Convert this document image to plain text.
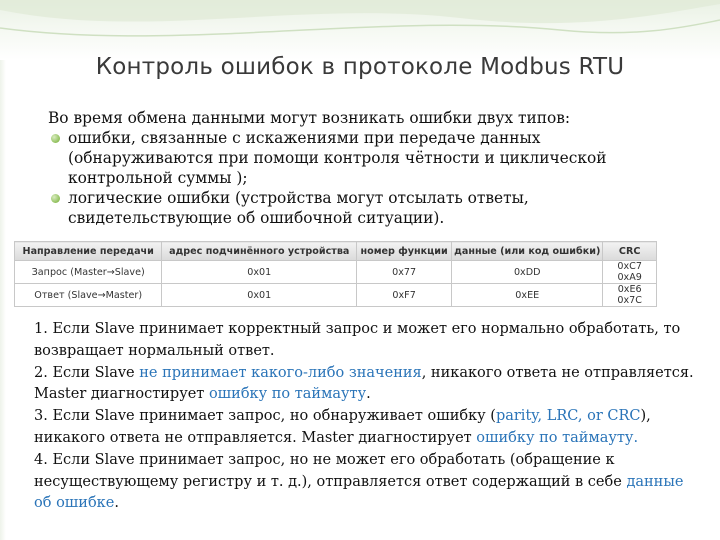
Контроль ошибок в протоколе Modbus RTU

Во время обмена данными могут возникать ошибки двух типов:

ошибки, связанные с искажениями при передаче данных (обнаруживаются при помощи контроля чётности и циклической контрольной суммы );
логические ошибки (устройства могут отсылать ответы, свидетельствующие об ошибочной ситуации).
Направление передачи	адрес подчинённого устройства	номер функции	данные (или код ошибки)	CRC
Запрос (Master→Slave)	0x01	0x77	0xDD	0xC7 0xA9
Ответ (Slave→Master)	0x01	0xF7	0xEE	0xE6 0x7C

1. Если Slave принимает корректный запрос и может его нормально обработать, то возвращает нормальный ответ.

2. Если Slave не принимает какого-либо значения, никакого ответа не отправляется. Master диагностирует ошибку по таймауту.

3. Если Slave принимает запрос, но обнаруживает ошибку (parity, LRC, or CRC), никакого ответа не отправляется. Master диагностирует ошибку по таймауту.

4. Если Slave принимает запрос, но не может его обработать (обращение к несуществующему регистру и т. д.), отправляется ответ содержащий в себе данные об ошибке.
